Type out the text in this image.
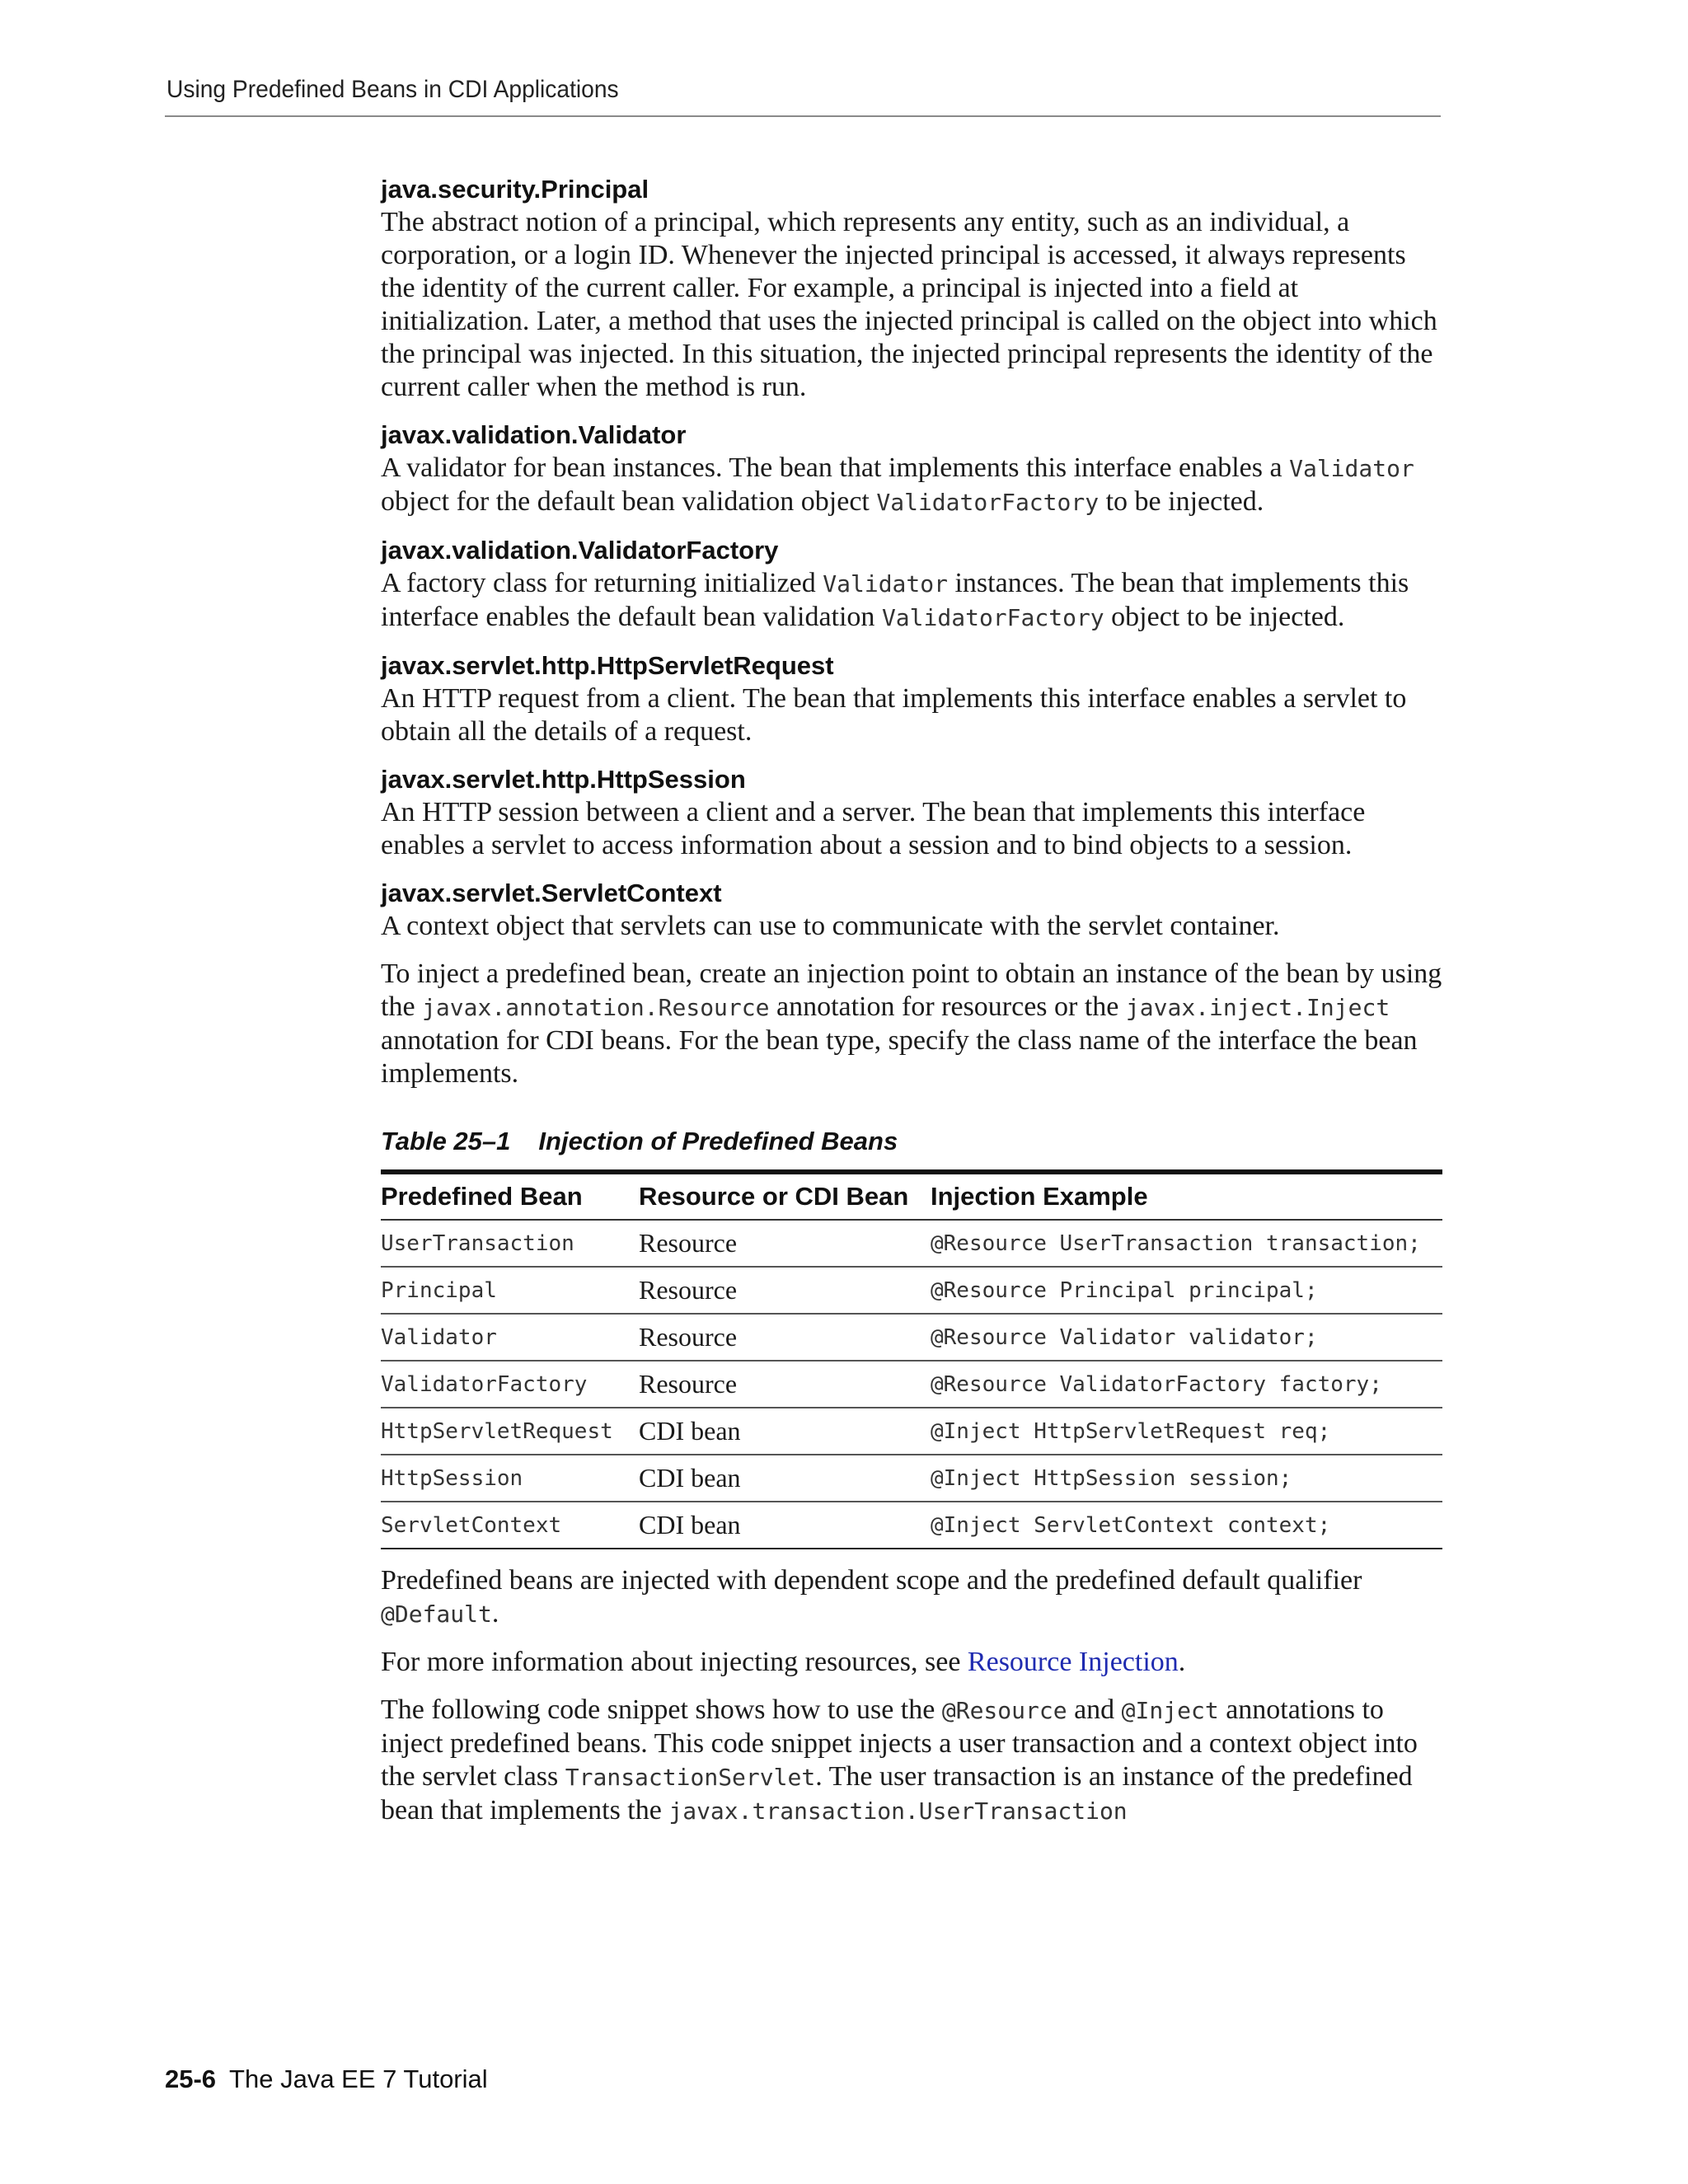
Using Predefined Beans in CDI Applications
java.security.Principal

The abstract notion of a principal, which represents any entity, such as an individual, a corporation, or a login ID. Whenever the injected principal is accessed, it always represents the identity of the current caller. For example, a principal is injected into a field at initialization. Later, a method that uses the injected principal is called on the object into which the principal was injected. In this situation, the injected principal represents the identity of the current caller when the method is run.

javax.validation.Validator

A validator for bean instances. The bean that implements this interface enables a Validator object for the default bean validation object ValidatorFactory to be injected.

javax.validation.ValidatorFactory

A factory class for returning initialized Validator instances. The bean that implements this interface enables the default bean validation ValidatorFactory object to be injected.

javax.servlet.http.HttpServletRequest

An HTTP request from a client. The bean that implements this interface enables a servlet to obtain all the details of a request.

javax.servlet.http.HttpSession

An HTTP session between a client and a server. The bean that implements this interface enables a servlet to access information about a session and to bind objects to a session.

javax.servlet.ServletContext

A context object that servlets can use to communicate with the servlet container.

To inject a predefined bean, create an injection point to obtain an instance of the bean by using the javax.annotation.Resource annotation for resources or the javax.inject.Inject annotation for CDI beans. For the bean type, specify the class name of the interface the bean implements.

Table 25–1 Injection of Predefined Beans
Predefined Bean	Resource or CDI Bean	Injection Example
UserTransaction	Resource	@Resource UserTransaction transaction;
Principal	Resource	@Resource Principal principal;
Validator	Resource	@Resource Validator validator;
ValidatorFactory	Resource	@Resource ValidatorFactory factory;
HttpServletRequest	CDI bean	@Inject HttpServletRequest req;
HttpSession	CDI bean	@Inject HttpSession session;
ServletContext	CDI bean	@Inject ServletContext context;

Predefined beans are injected with dependent scope and the predefined default qualifier @Default.

For more information about injecting resources, see Resource Injection.

The following code snippet shows how to use the @Resource and @Inject annotations to inject predefined beans. This code snippet injects a user transaction and a context object into the servlet class TransactionServlet. The user transaction is an instance of the predefined bean that implements the javax.transaction.UserTransaction

25-6 The Java EE 7 Tutorial
